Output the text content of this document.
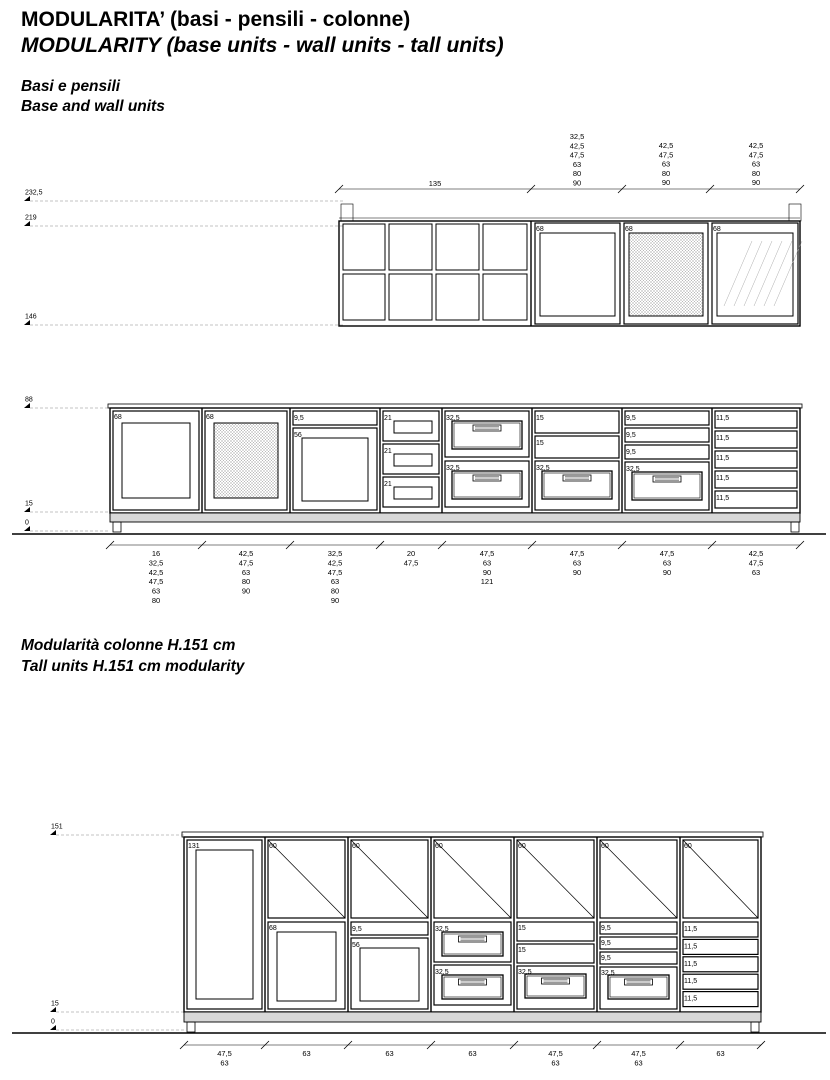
MODULARITA’ (basi - pensili - colonne)
MODULARITY (base units - wall units - tall units)
Basi e pensili
Base and wall units
Modularità colonne H.151 cm
Tall units H.151 cm modularity
232,5
219
146
68	68	68
135
32,5
42,5
47,5
63
80
90
42,5
47,5
63
80
90
42,5
47,5
63
80
90
88
15
0
68	68	9,5
56
21
21
21
32,5
32,5
15
15
32,5
9,5
9,5
9,5
32,5
11,5
11,5
11,5
11,5
11,5
16
32,5
42,5
47,5
63
80
42,5
47,5
63
80
90
32,5
42,5
47,5
63
80
90
20
47,5
47,5
63
90
121
47,5
63
90
47,5
63
90
42,5
47,5
63
151
15
0
131	60	60	60	60	60	60
68	9,5
56
32,5
32,5
15
15
32,5
9,5
9,5
9,5
32,5
11,5
11,5
11,5
11,5
11,5
47,5
63
63	63	63	47,5
63
47,5
63
63
